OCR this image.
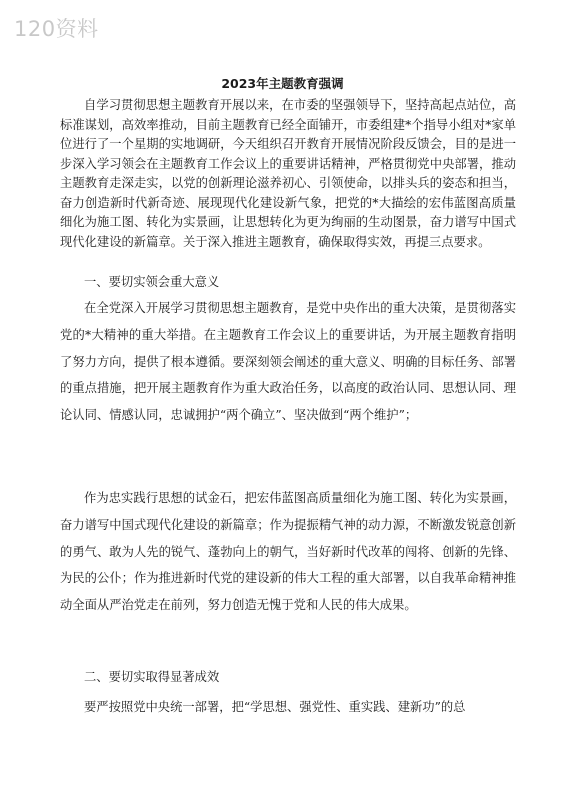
120资料
2023年主题教育强调
自学习贯彻思想主题教育开展以来，在市委的坚强领导下，坚持高起点站位，高标准谋划，高效率推动，目前主题教育已经全面铺开，市委组建*个指导小组对*家单位进行了一个星期的实地调研，今天组织召开教育开展情况阶段反馈会，目的是进一步深入学习领会在主题教育工作会议上的重要讲话精神，严格贯彻党中央部署，推动主题教育走深走实，以党的创新理论滋养初心、引领使命，以排头兵的姿态和担当，奋力创造新时代新奇迹、展现现代化建设新气象，把党的*大描绘的宏伟蓝图高质量细化为施工图、转化为实景画，让思想转化为更为绚丽的生动图景，奋力谱写中国式现代化建设的新篇章。关于深入推进主题教育，确保取得实效，再提三点要求。
一、要切实领会重大意义
在全党深入开展学习贯彻思想主题教育，是党中央作出的重大决策，是贯彻落实党的*大精神的重大举措。在主题教育工作会议上的重要讲话，为开展主题教育指明了努力方向，提供了根本遵循。要深刻领会阐述的重大意义、明确的目标任务、部署的重点措施，把开展主题教育作为重大政治任务，以高度的政治认同、思想认同、理论认同、情感认同，忠诚拥护“两个确立”、坚决做到“两个维护”；
作为忠实践行思想的试金石，把宏伟蓝图高质量细化为施工图、转化为实景画，奋力谱写中国式现代化建设的新篇章；作为提振精气神的动力源，不断激发锐意创新的勇气、敢为人先的锐气、蓬勃向上的朝气，当好新时代改革的闯将、创新的先锋、为民的公仆；作为推进新时代党的建设新的伟大工程的重大部署，以自我革命精神推动全面从严治党走在前列，努力创造无愧于党和人民的伟大成果。
二、要切实取得显著成效
要严按照党中央统一部署，把“学思想、强党性、重实践、建新功”的总
